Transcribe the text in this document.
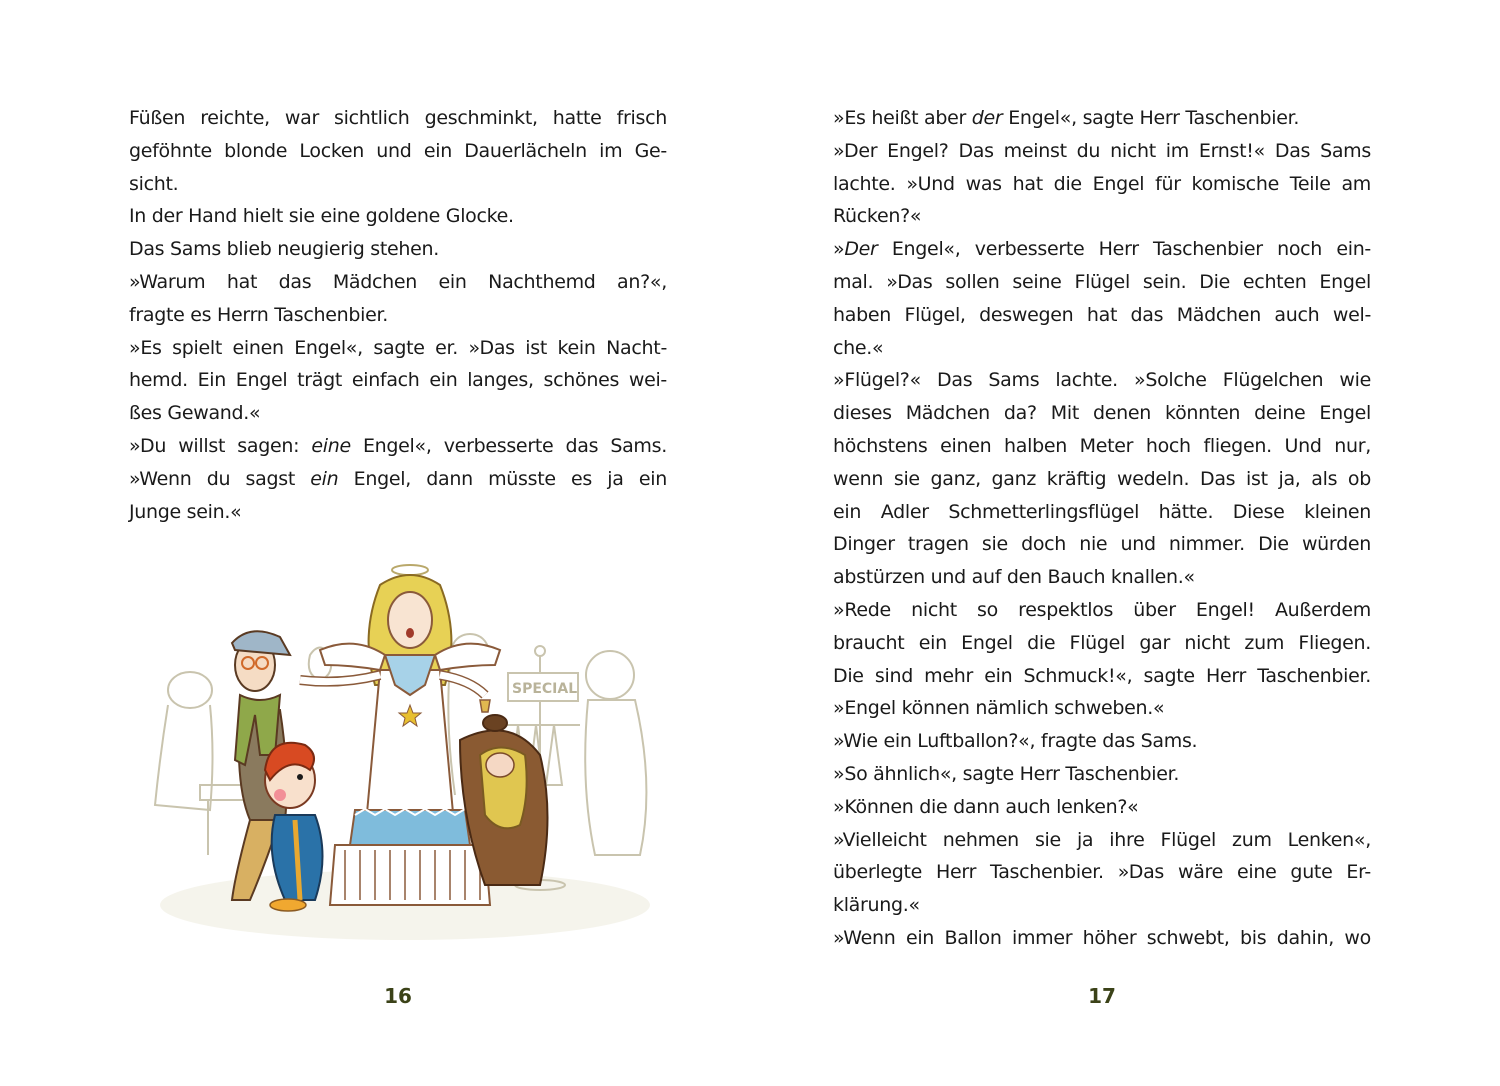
Füßen reichte, war sichtlich geschminkt, hatte frisch
geföhnte blonde Locken und ein Dauerlächeln im Ge-
sicht.
In der Hand hielt sie eine goldene Glocke.
Das Sams blieb neugierig stehen.
»Warum hat das Mädchen ein Nachthemd an?«,
fragte es Herrn Taschenbier.
»Es spielt einen Engel«, sagte er. »Das ist kein Nacht-
hemd. Ein Engel trägt einfach ein langes, schönes wei-
ßes Gewand.«
»Du willst sagen: eine Engel«, verbesserte das Sams.
»Wenn du sagst ein Engel, dann müsste es ja ein
Junge sein.«
SPECIAL
16
»Es heißt aber der Engel«, sagte Herr Taschenbier.
»Der Engel? Das meinst du nicht im Ernst!« Das Sams
lachte. »Und was hat die Engel für komische Teile am
Rücken?«
»Der Engel«, verbesserte Herr Taschenbier noch ein-
mal. »Das sollen seine Flügel sein. Die echten Engel
haben Flügel, deswegen hat das Mädchen auch wel-
che.«
»Flügel?« Das Sams lachte. »Solche Flügelchen wie
dieses Mädchen da? Mit denen könnten deine Engel
höchstens einen halben Meter hoch fliegen. Und nur,
wenn sie ganz, ganz kräftig wedeln. Das ist ja, als ob
ein Adler Schmetterlingsflügel hätte. Diese kleinen
Dinger tragen sie doch nie und nimmer. Die würden
abstürzen und auf den Bauch knallen.«
»Rede nicht so respektlos über Engel! Außerdem
braucht ein Engel die Flügel gar nicht zum Fliegen.
Die sind mehr ein Schmuck!«, sagte Herr Taschenbier.
»Engel können nämlich schweben.«
»Wie ein Luftballon?«, fragte das Sams.
»So ähnlich«, sagte Herr Taschenbier.
»Können die dann auch lenken?«
»Vielleicht nehmen sie ja ihre Flügel zum Lenken«,
überlegte Herr Taschenbier. »Das wäre eine gute Er-
klärung.«
»Wenn ein Ballon immer höher schwebt, bis dahin, wo
17
